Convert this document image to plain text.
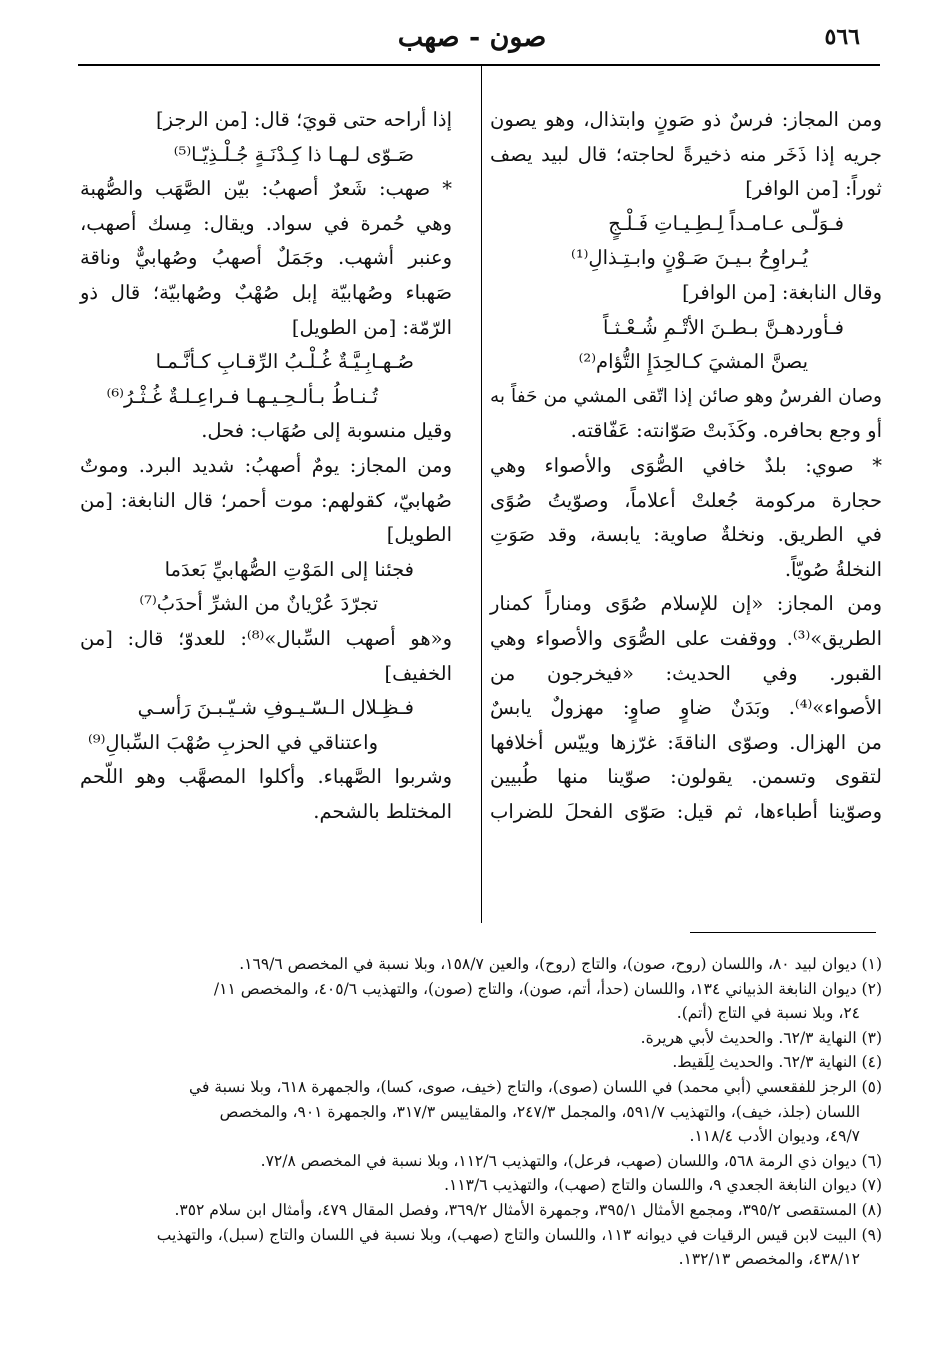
٥٦٦
صون - صهب
ومن المجاز: فرسٌ ذو صَونٍ وابتذال، وهو يصون
جريه إذا ذَخَر منه ذخيرةً لحاجته؛ قال لبيد يصف
ثوراً: [من الوافر]
فـوَلّـى عـامـداً لِـطِـيـاتِ فَـلْـجٍ
يُـراوِحُ بـيـنَ صَـوْنٍ وابـتِـذالِ⁽¹⁾
وقال النابغة: [من الوافر]
فـأوردهـنَّ بـطـنَ الأتْـمِ شُـعْـثـاً
يصنَّ المشيَ كـالحِدَإِ التُّؤام⁽²⁾
وصان الفرسُ وهو صائن إذا اتّقى المشي من حَفاً به
أو وجع بحافره. وكَذَبتْ صَوّانته: عَفّاقته.
* صوي: بلدٌ خافي الصُّوَى والأصواء وهي
حجارة مركومة جُعلتْ أعلاماً، وصوّيتُ صُوًى
في الطريق. ونخلةٌ صاوية: يابسة، وقد صَوَتِ
النخلةُ صُويّاً.
ومن المجاز: «إن للإسلام صُوًى ومناراً كمنار
الطريق»⁽³⁾. ووقفت على الصُّوَى والأصواء وهي
القبور. وفي الحديث: «فيخرجون من
الأصواء»⁽⁴⁾. وبَدَنٌ ضاوٍ صاوٍ: مهزولٌ يابسٌ
من الهزال. وصوّى الناقةَ: غرّزها وييّس أخلافها
لتقوى وتسمن. يقولون: صوّينا منها طُبيين
وصوّينا أطباءها، ثم قيل: صَوّى الفحلَ للضراب
إذا أراحه حتى قويَ؛ قال: [من الرجز]
صَـوّى لـهـا ذا كِـدْنَـةٍ جُـلْـذِيّـا⁽⁵⁾
* صهب: شَعرٌ أصهبُ: بيّن الصَّهَب والصُّهبة
وهي حُمرة في سواد. ويقال: مِسك أصهب،
وعنبر أشهب. وجَمَلٌ أصهبُ وصُهابيٌّ وناقة
صَهباء وصُهابيّة إبل صُهْبٌ وصُهابيّة؛ قال ذو
الرّمّة: [من الطويل]
صُـهـابِـيَّـةٌ غُـلْـبُ الرِّقـابِ كـأنَّـمـا
تُـنـاطُ بـألـحِـيـهـا فـراعِـلـةٌ غُـثْـرُ⁽⁶⁾
وقيل منسوبة إلى صُهَاب: فحل.
ومن المجاز: يومٌ أصهبُ: شديد البرد. وموتٌ
صُهابيّ، كقولهم: موت أحمر؛ قال النابغة: [من
الطويل]
فجئنا إلى المَوْتِ الصُّهابيِّ بَعدَما
تجرّدَ عُرْيانٌ من الشرِّ أحدَبُ⁽⁷⁾
و«هو أصهب السِّبال»⁽⁸⁾: للعدوّ؛ قال: [من
الخفيف]
فـظِـلال الـسّـيـوفِ شـيّـبـنَ رَأسـي
واعتناقي في الحزبِ صُهْبَ السِّبالِ⁽⁹⁾
وشربوا الصَّهباء. وأكلوا المصهَّب وهو اللّحم
المختلط بالشحم.
(١) ديوان لبيد ٨٠، واللسان (روح، صون)، والتاج (روح)، والعين ١٥٨/٧، وبلا نسبة في المخصص ١٦٩/٦.
(٢) ديوان النابغة الذبياني ١٣٤، واللسان (حدأ، أتم، صون)، والتاج (صون)، والتهذيب ٤٠٥/٦، والمخصص ١١/
٢٤، وبلا نسبة في التاج (أتم).
(٣) النهاية ٦٢/٣. والحديث لأبي هريرة.
(٤) النهاية ٦٢/٣. والحديث لِلَقيط.
(٥) الرجز للفقعسي (أبي محمد) في اللسان (صوى)، والتاج (خيف، صوى، كسا)، والجمهرة ٦١٨، وبلا نسبة في
اللسان (جلذ، خيف)، والتهذيب ٥٩١/٧، والمجمل ٢٤٧/٣، والمقاييس ٣١٧/٣، والجمهرة ٩٠١، والمخصص
٤٩/٧، وديوان الأدب ١١٨/٤.
(٦) ديوان ذي الرمة ٥٦٨، واللسان (صهب، فرعل)، والتهذيب ١١٢/٦، وبلا نسبة في المخصص ٧٢/٨.
(٧) ديوان النابغة الجعدي ٩، واللسان والتاج (صهب)، والتهذيب ١١٣/٦.
(٨) المستقصى ٣٩٥/٢، ومجمع الأمثال ٣٩٥/١، وجمهرة الأمثال ٣٦٩/٢، وفصل المقال ٤٧٩، وأمثال ابن سلام ٣٥٢.
(٩) البيت لابن قيس الرقيات في ديوانه ١١٣، واللسان والتاج (صهب)، وبلا نسبة في اللسان والتاج (سبل)، والتهذيب
٤٣٨/١٢، والمخصص ١٣٢/١٣.
